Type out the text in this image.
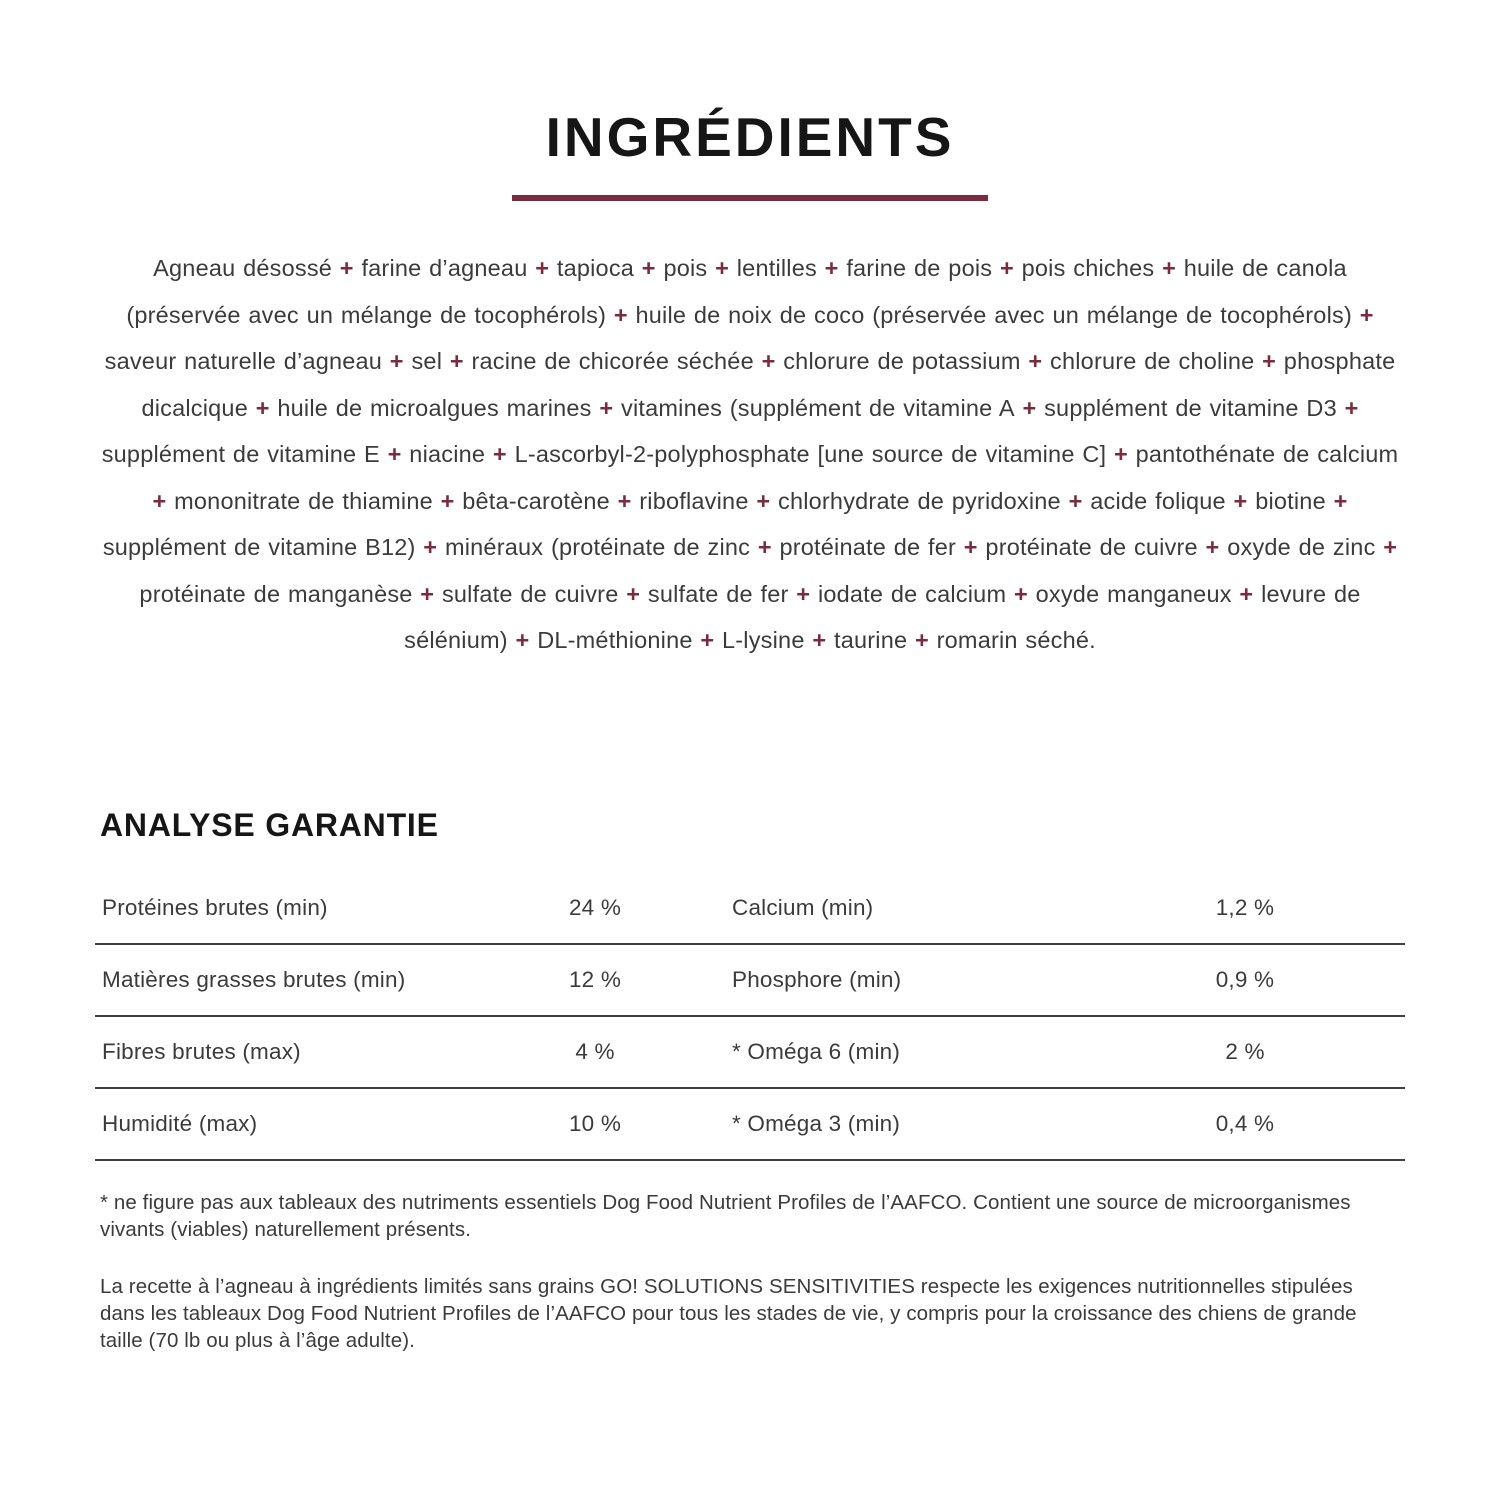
INGRÉDIENTS

Agneau désossé + farine d’agneau + tapioca + pois + lentilles + farine de pois + pois chiches + huile de canola (préservée avec un mélange de tocophérols) + huile de noix de coco (préservée avec un mélange de tocophérols) + saveur naturelle d’agneau + sel + racine de chicorée séchée + chlorure de potassium + chlorure de choline + phosphate dicalcique + huile de microalgues marines + vitamines (supplément de vitamine A + supplément de vitamine D3 + supplément de vitamine E + niacine + L-ascorbyl-2-polyphosphate [une source de vitamine C] + pantothénate de calcium + mononitrate de thiamine + bêta-carotène + riboflavine + chlorhydrate de pyridoxine + acide folique + biotine + supplément de vitamine B12) + minéraux (protéinate de zinc + protéinate de fer + protéinate de cuivre + oxyde de zinc + protéinate de manganèse + sulfate de cuivre + sulfate de fer + iodate de calcium + oxyde manganeux + levure de sélénium) + DL-méthionine + L-lysine + taurine + romarin séché.

ANALYSE GARANTIE
Protéines brutes (min)	24 %	Calcium (min)	1,2 %
Matières grasses brutes (min)	12 %	Phosphore (min)	0,9 %
Fibres brutes (max)	4 %	* Oméga 6 (min)	2 %
Humidité (max)	10 %	* Oméga 3 (min)	0,4 %

* ne figure pas aux tableaux des nutriments essentiels Dog Food Nutrient Profiles de l’AAFCO. Contient une source de microorganismes vivants (viables) naturellement présents.

La recette à l’agneau à ingrédients limités sans grains GO! SOLUTIONS SENSITIVITIES respecte les exigences nutritionnelles stipulées dans les tableaux Dog Food Nutrient Profiles de l’AAFCO pour tous les stades de vie, y compris pour la croissance des chiens de grande taille (70 lb ou plus à l’âge adulte).
